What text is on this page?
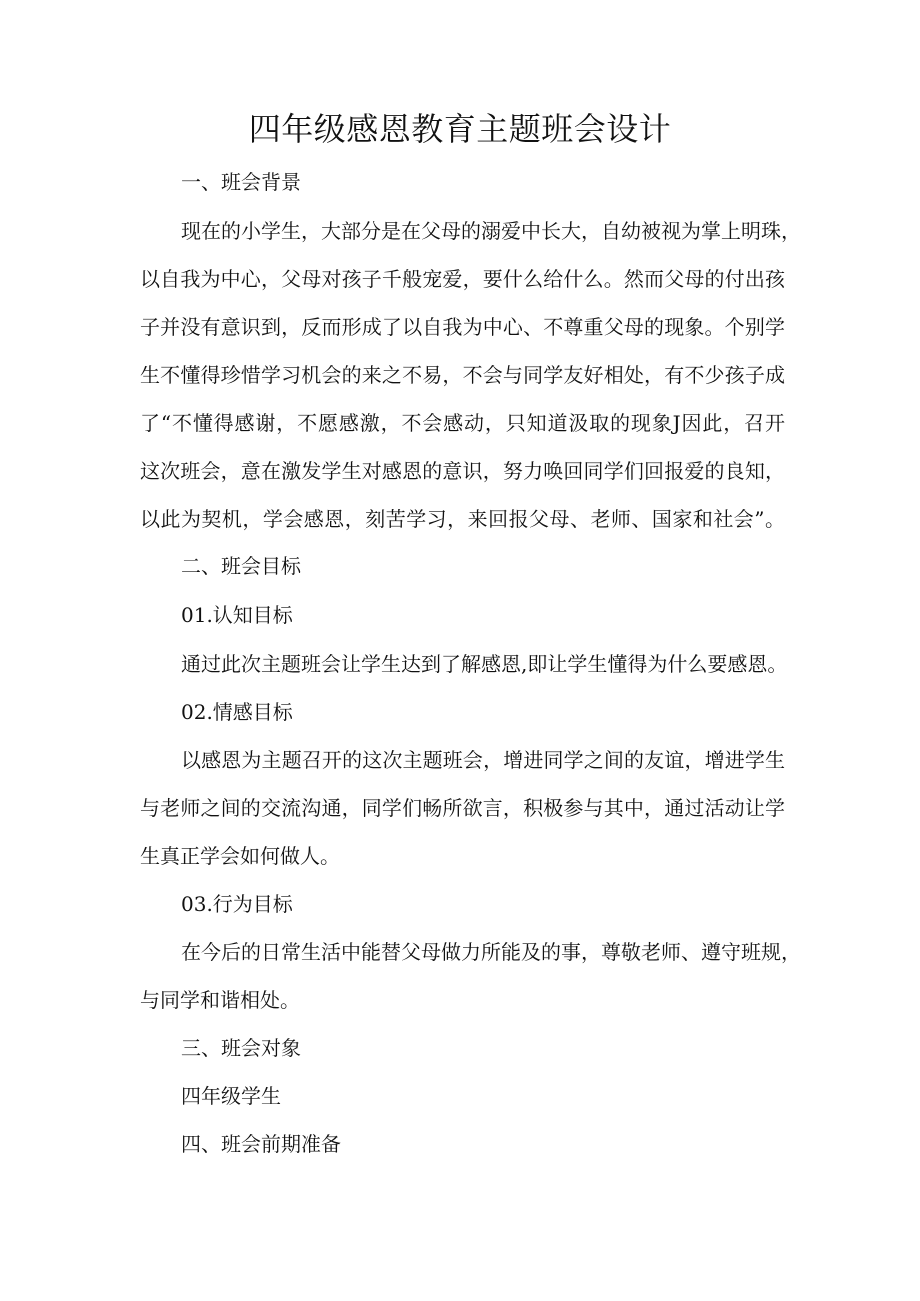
四年级感恩教育主题班会设计

一、班会背景

现在的小学生，大部分是在父母的溺爱中长大，自幼被视为掌上明珠，

以自我为中心，父母对孩子千般宠爱，要什么给什么。然而父母的付出孩

子并没有意识到，反而形成了以自我为中心、不尊重父母的现象。个别学

生不懂得珍惜学习机会的来之不易，不会与同学友好相处，有不少孩子成

了“不懂得感谢，不愿感激，不会感动，只知道汲取的现象J因此，召开

这次班会，意在激发学生对感恩的意识，努力唤回同学们回报爱的良知，

以此为契机，学会感恩，刻苦学习，来回报父母、老师、国家和社会”。

二、班会目标

01.认知目标

通过此次主题班会让学生达到了解感恩,即让学生懂得为什么要感恩。

02.情感目标

以感恩为主题召开的这次主题班会，增进同学之间的友谊，增进学生

与老师之间的交流沟通，同学们畅所欲言，积极参与其中，通过活动让学

生真正学会如何做人。

03.行为目标

在今后的日常生活中能替父母做力所能及的事，尊敬老师、遵守班规，

与同学和谐相处。

三、班会对象

四年级学生

四、班会前期准备
